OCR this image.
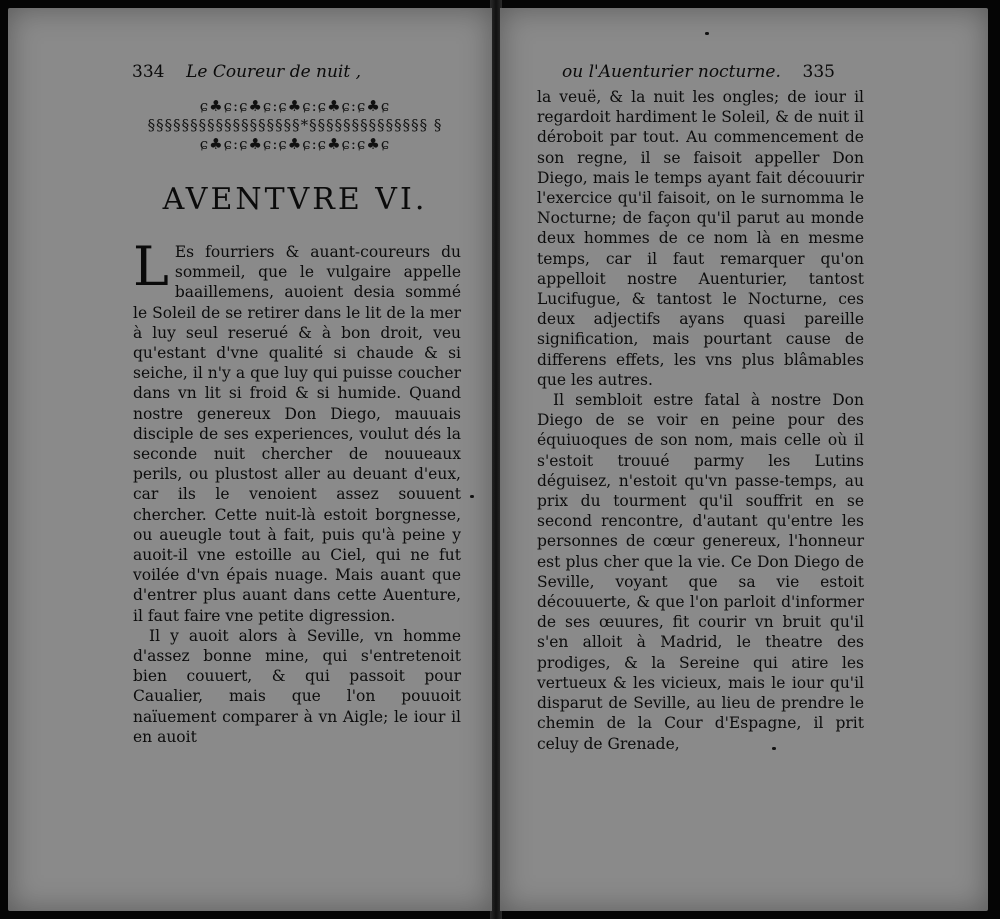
334 Le Coureur de nuit ,
ɕ♣ɕ:ɕ♣ɕ:ɕ♣ɕ:ɕ♣ɕ:ɕ♣ɕ
§§§§§§§§§§§§§§§§§§*§§§§§§§§§§§§§§ §
ɕ♣ɕ:ɕ♣ɕ:ɕ♣ɕ:ɕ♣ɕ:ɕ♣ɕ
AVENTVRE VI.

L Es fourriers & auant-coureurs du sommeil, que le vulgaire appelle baaillemens, auoient desia sommé le Soleil de se retirer dans le lit de la mer à luy seul reserué & à bon droit, veu qu'estant d'vne qualité si chaude & si seiche, il n'y a que luy qui puisse coucher dans vn lit si froid & si humide. Quand nostre genereux Don Diego, mauuais disciple de ses experiences, voulut dés la seconde nuit chercher de nouueaux perils, ou plustost aller au deuant d'eux, car ils le venoient assez souuent chercher. Cette nuit-là estoit borgnesse, ou aueugle tout à fait, puis qu'à peine y auoit-il vne estoille au Ciel, qui ne fut voilée d'vn épais nuage. Mais auant que d'entrer plus auant dans cette Auenture, il faut faire vne petite digression.

Il y auoit alors à Seville, vn homme d'assez bonne mine, qui s'entretenoit bien couuert, & qui passoit pour Caualier, mais que l'on pouuoit naïuement comparer à vn Aigle; le iour il en auoit

ou l'Auenturier nocturne. 335

la veuë, & la nuit les ongles; de iour il regardoit hardiment le Soleil, & de nuit il déroboit par tout. Au commencement de son regne, il se faisoit appeller Don Diego, mais le temps ayant fait découurir l'exercice qu'il faisoit, on le surnomma le Nocturne; de façon qu'il parut au monde deux hommes de ce nom là en mesme temps, car il faut remarquer qu'on appelloit nostre Auenturier, tantost Lucifugue, & tantost le Nocturne, ces deux adjectifs ayans quasi pareille signification, mais pourtant cause de differens effets, les vns plus blâmables que les autres.

Il sembloit estre fatal à nostre Don Diego de se voir en peine pour des équiuoques de son nom, mais celle où il s'estoit trouué parmy les Lutins déguisez, n'estoit qu'vn passe-temps, au prix du tourment qu'il souffrit en se second rencontre, d'autant qu'entre les personnes de cœur genereux, l'honneur est plus cher que la vie. Ce Don Diego de Seville, voyant que sa vie estoit découuerte, & que l'on parloit d'informer de ses œuures, fit courir vn bruit qu'il s'en alloit à Madrid, le theatre des prodiges, & la Sereine qui atire les vertueux & les vicieux, mais le iour qu'il disparut de Seville, au lieu de prendre le chemin de la Cour d'Espagne, il prit celuy de Grenade,
